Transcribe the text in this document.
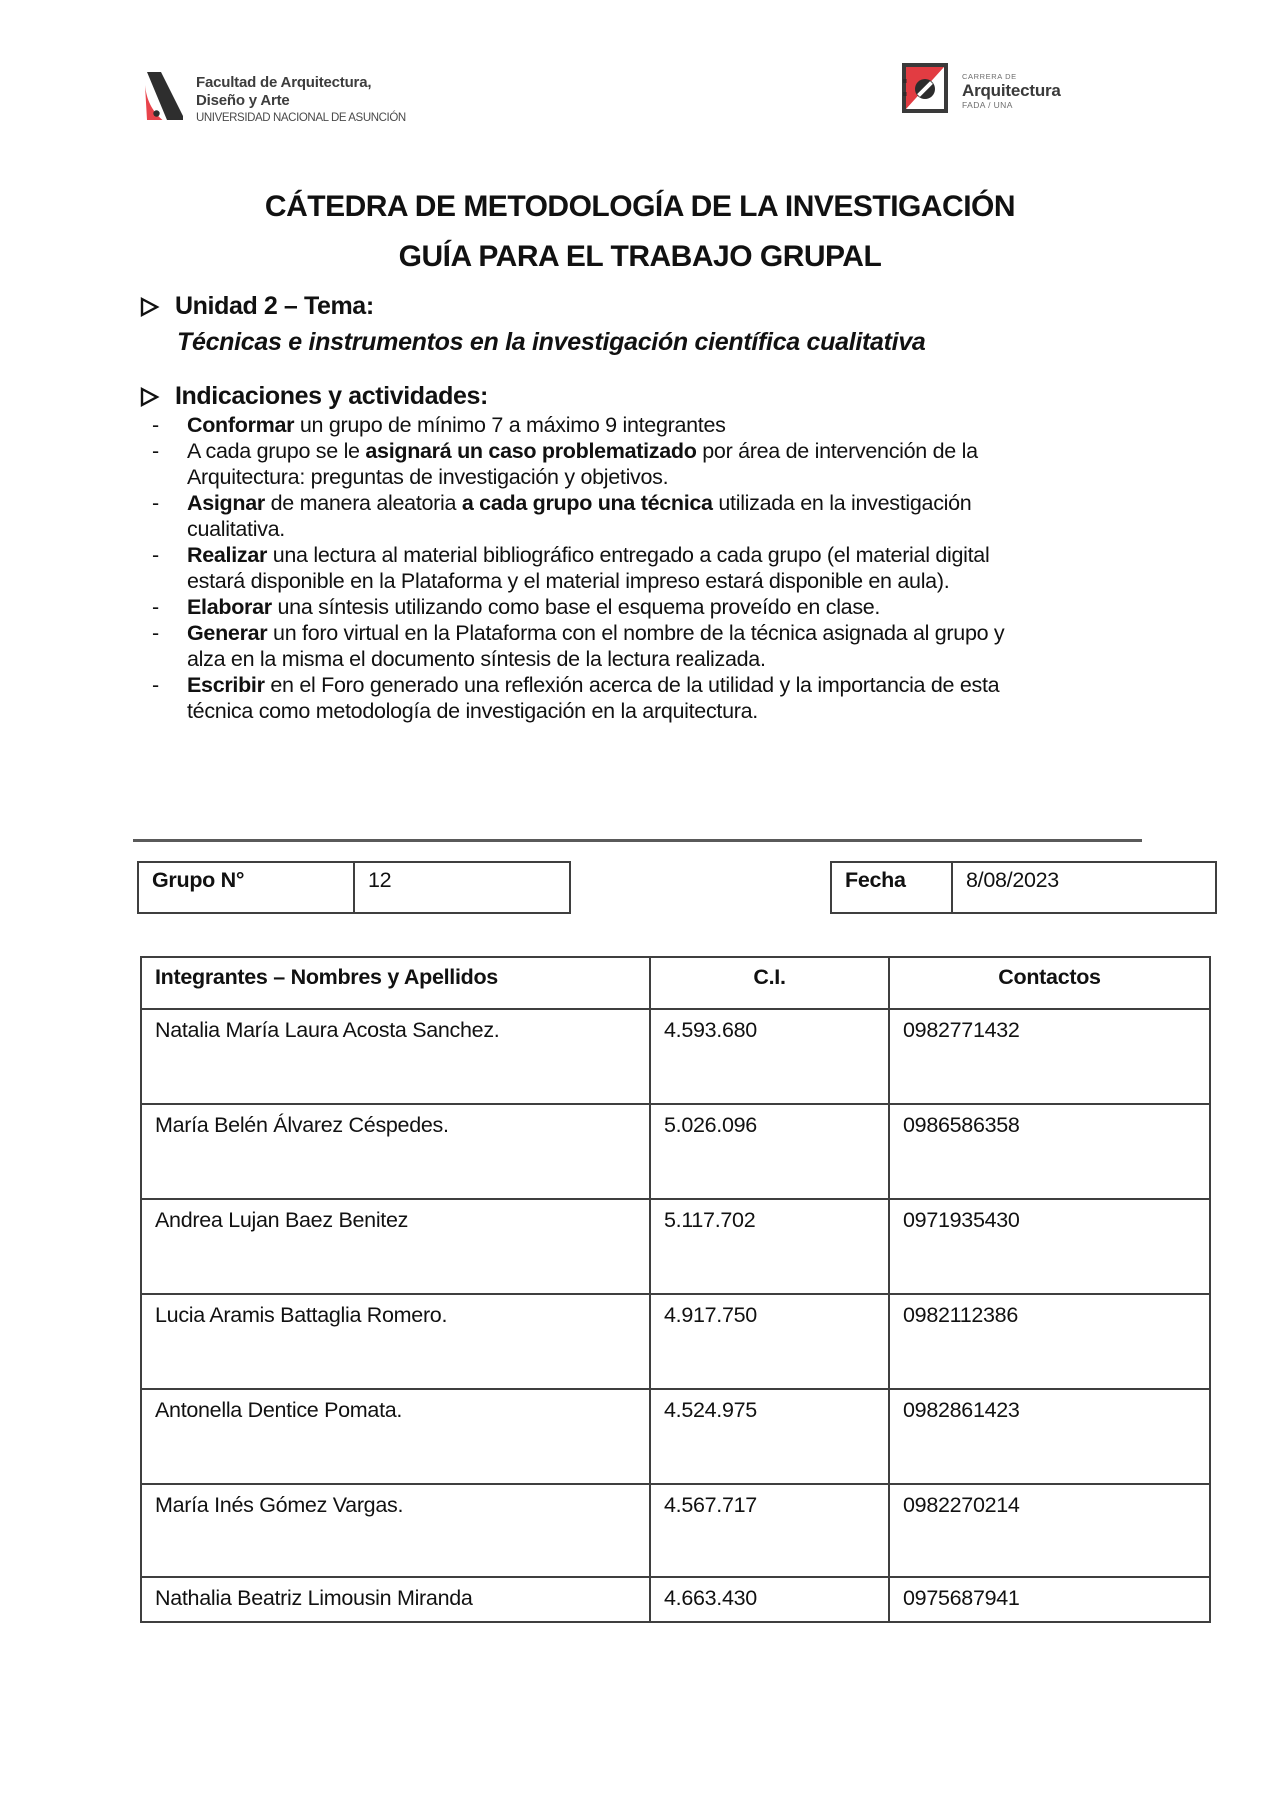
Facultad de Arquitectura,
Diseño y Arte
UNIVERSIDAD NACIONAL DE ASUNCIÓN
CARRERA DE
Arquitectura
FADA / UNA
CÁTEDRA DE METODOLOGÍA DE LA INVESTIGACIÓN
GUÍA PARA EL TRABAJO GRUPAL
Unidad 2 – Tema:
Técnicas e instrumentos en la investigación científica cualitativa
Indicaciones y actividades:
-	Conformar un grupo de mínimo 7 a máximo 9 integrantes
-	A cada grupo se le asignará un caso problematizado por área de intervención de la
Arquitectura: preguntas de investigación y objetivos.
-	Asignar de manera aleatoria a cada grupo una técnica utilizada en la investigación
cualitativa.
-	Realizar una lectura al material bibliográfico entregado a cada grupo (el material digital
estará disponible en la Plataforma y el material impreso estará disponible en aula).
-	Elaborar una síntesis utilizando como base el esquema proveído en clase.
-	Generar un foro virtual en la Plataforma con el nombre de la técnica asignada al grupo y
alza en la misma el documento síntesis de la lectura realizada.
-	Escribir en el Foro generado una reflexión acerca de la utilidad y la importancia de esta
técnica como metodología de investigación en la arquitectura.
Grupo N°	12	Fecha	8/08/2023
Integrantes – Nombres y Apellidos	C.I.	Contactos
Natalia María Laura Acosta Sanchez.	4.593.680	0982771432
María Belén Álvarez Céspedes.	5.026.096	0986586358
Andrea Lujan Baez Benitez	5.117.702	0971935430
Lucia Aramis Battaglia Romero.	4.917.750	0982112386
Antonella Dentice Pomata.	4.524.975	0982861423
María Inés Gómez Vargas.	4.567.717	0982270214
Nathalia Beatriz Limousin Miranda	4.663.430	0975687941
